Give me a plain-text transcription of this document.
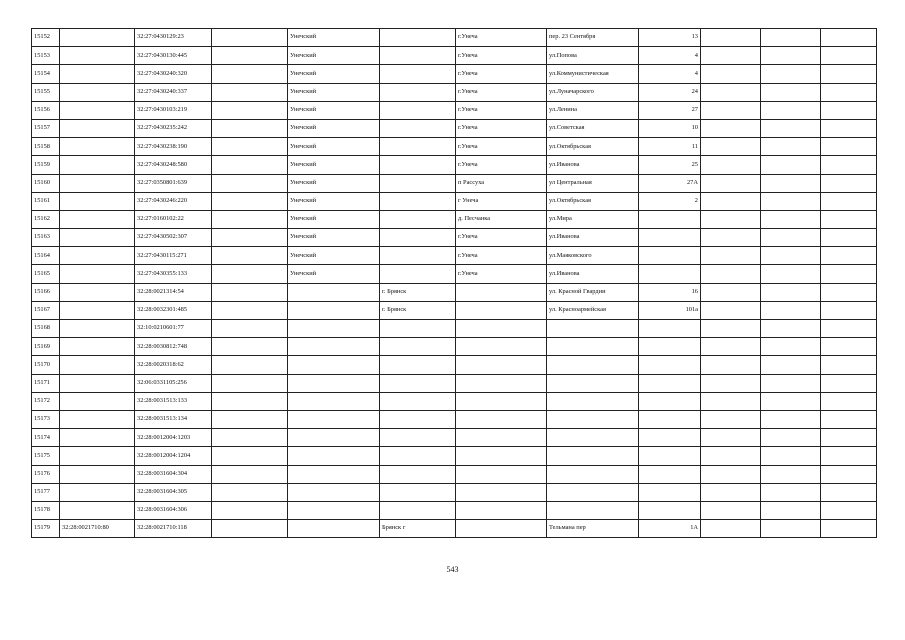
15152		32:27:0430129:23		Унечский		г.Унеча	пер. 23 Сентября	13			
15153		32:27:0430130:445		Унечский		г.Унеча	ул.Попова	4			
15154		32:27:0430240:320		Унечский		г.Унеча	ул.Коммунистическая	4			
15155		32:27:0430240:337		Унечский		г.Унеча	ул.Луначарского	24			
15156		32:27:0430103:219		Унечский		г.Унеча	ул.Ленина	27			
15157		32:27:0430235:242		Унечский		г.Унеча	ул.Советская	10			
15158		32:27:0430238:190		Унечский		г.Унеча	ул.Октябрьская	11			
15159		32:27:0430248:580		Унечский		г.Унеча	ул.Иванова	25			
15160		32:27:0350801:639		Унечский		п Рассуха	ул Центральная	27А			
15161		32:27:0430246:220		Унечский		г Унеча	ул.Октябрьская	2			
15162		32:27:0160102:22		Унечский		д. Песчанка	ул.Мира				
15163		32:27:0430502:307		Унечский		г.Унеча	ул.Иванова				
15164		32:27:0430115:271		Унечский		г.Унеча	ул.Маяковского				
15165		32:27:0430355:133		Унечский		г.Унеча	ул.Иванова				
15166		32:28:0021314:54			г. Брянск		ул. Красной Гвардии	16			
15167		32:28:0032301:485			г. Брянск		ул. Красноармейская	101а			
15168		32:10:0210601:77									
15169		32:28:0030812:748									
15170		32:28:0020318:62									
15171		32:06:0331105:256									
15172		32:28:0031513:133									
15173		32:28:0031513:134									
15174		32:28:0012004:1203									
15175		32:28:0012004:1204									
15176		32:28:0031604:304									
15177		32:28:0031604:305									
15178		32:28:0031604:306									
15179	32:28:0021710:80	32:28:0021710:118			Брянск г		Тельмана пер	1А			
543
